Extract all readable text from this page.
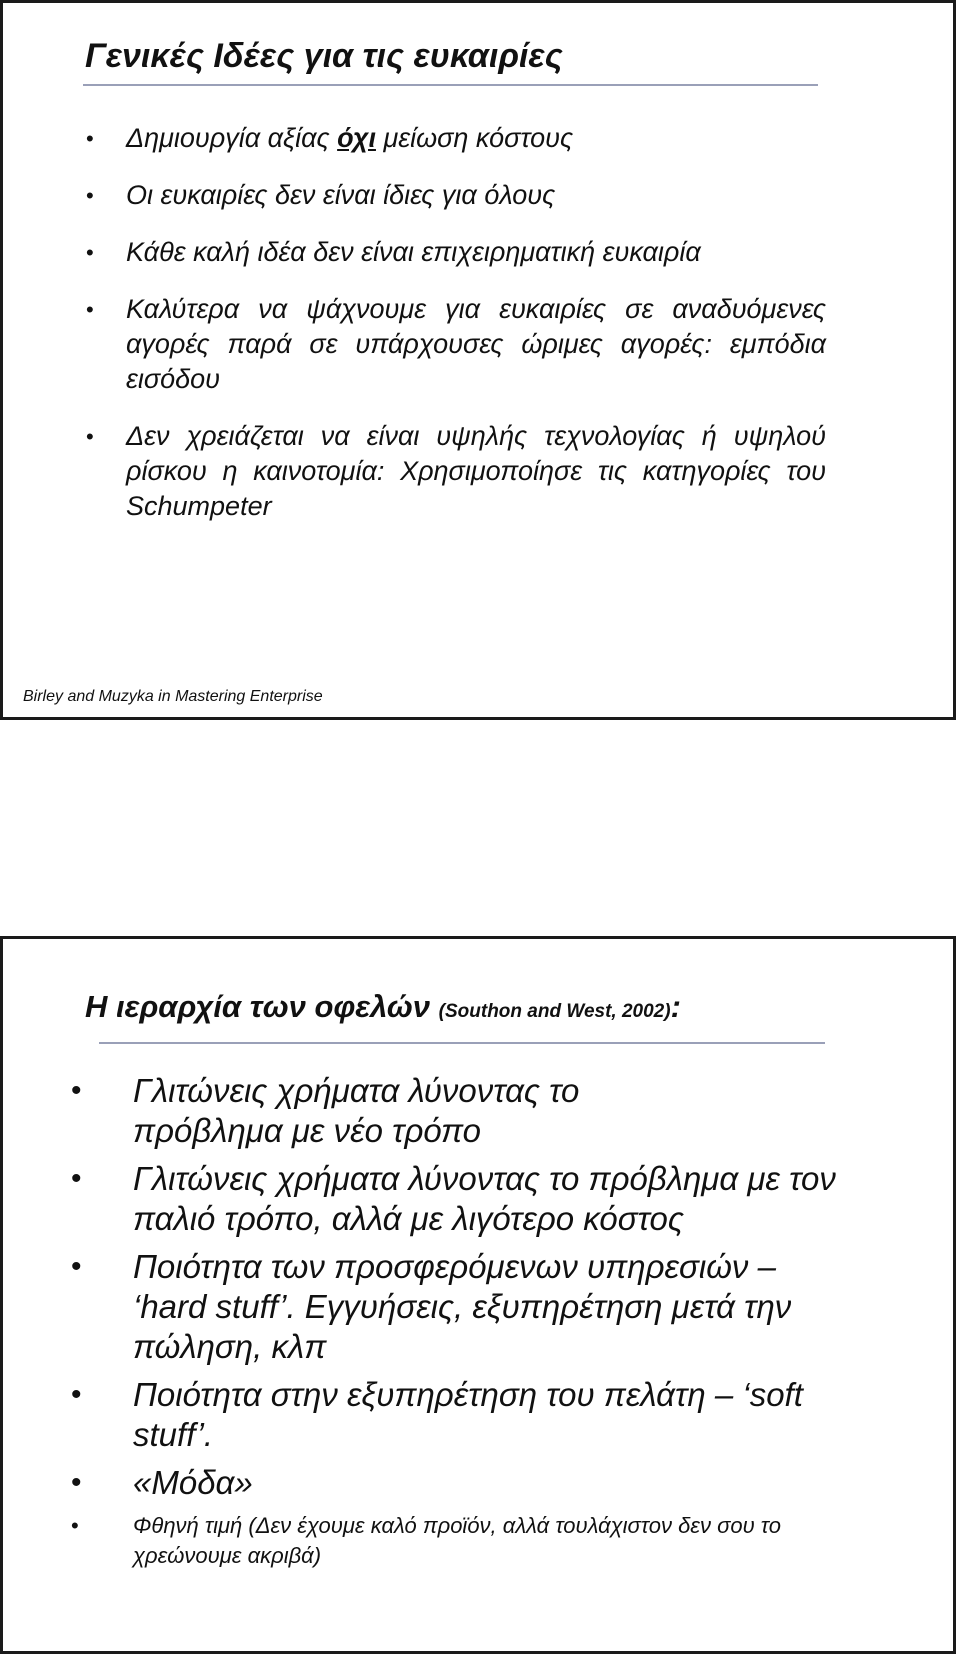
Γενικές Ιδέες για τις ευκαιρίες
• Δημιουργία αξίας όχι μείωση κόστους
• Οι ευκαιρίες δεν είναι ίδιες για όλους
• Κάθε καλή ιδέα δεν είναι επιχειρηματική ευκαιρία
• Καλύτερα να ψάχνουμε για ευκαιρίες σε αναδυόμενες αγορές παρά σε υπάρχουσες ώριμες αγορές: εμπόδια εισόδου
• Δεν χρειάζεται να είναι υψηλής τεχνολογίας ή υψηλού ρίσκου η καινοτομία: Χρησιμοποίησε τις κατηγορίες του Schumpeter

Birley and Muzyka in Mastering Enterprise

Η ιεραρχία των οφελών (Southon and West, 2002):
• Γλιτώνεις χρήματα λύνοντας το πρόβλημα με νέο τρόπο
• Γλιτώνεις χρήματα λύνοντας το πρόβλημα με τον παλιό τρόπο, αλλά με λιγότερο κόστος
• Ποιότητα των προσφερόμενων υπηρεσιών – ‘hard stuff’. Εγγυήσεις, εξυπηρέτηση μετά την πώληση, κλπ
• Ποιότητα στην εξυπηρέτηση του πελάτη – ‘soft stuff’.
• «Μόδα»
• Φθηνή τιμή (Δεν έχουμε καλό προϊόν, αλλά τουλάχιστον δεν σου το χρεώνουμε ακριβά)
